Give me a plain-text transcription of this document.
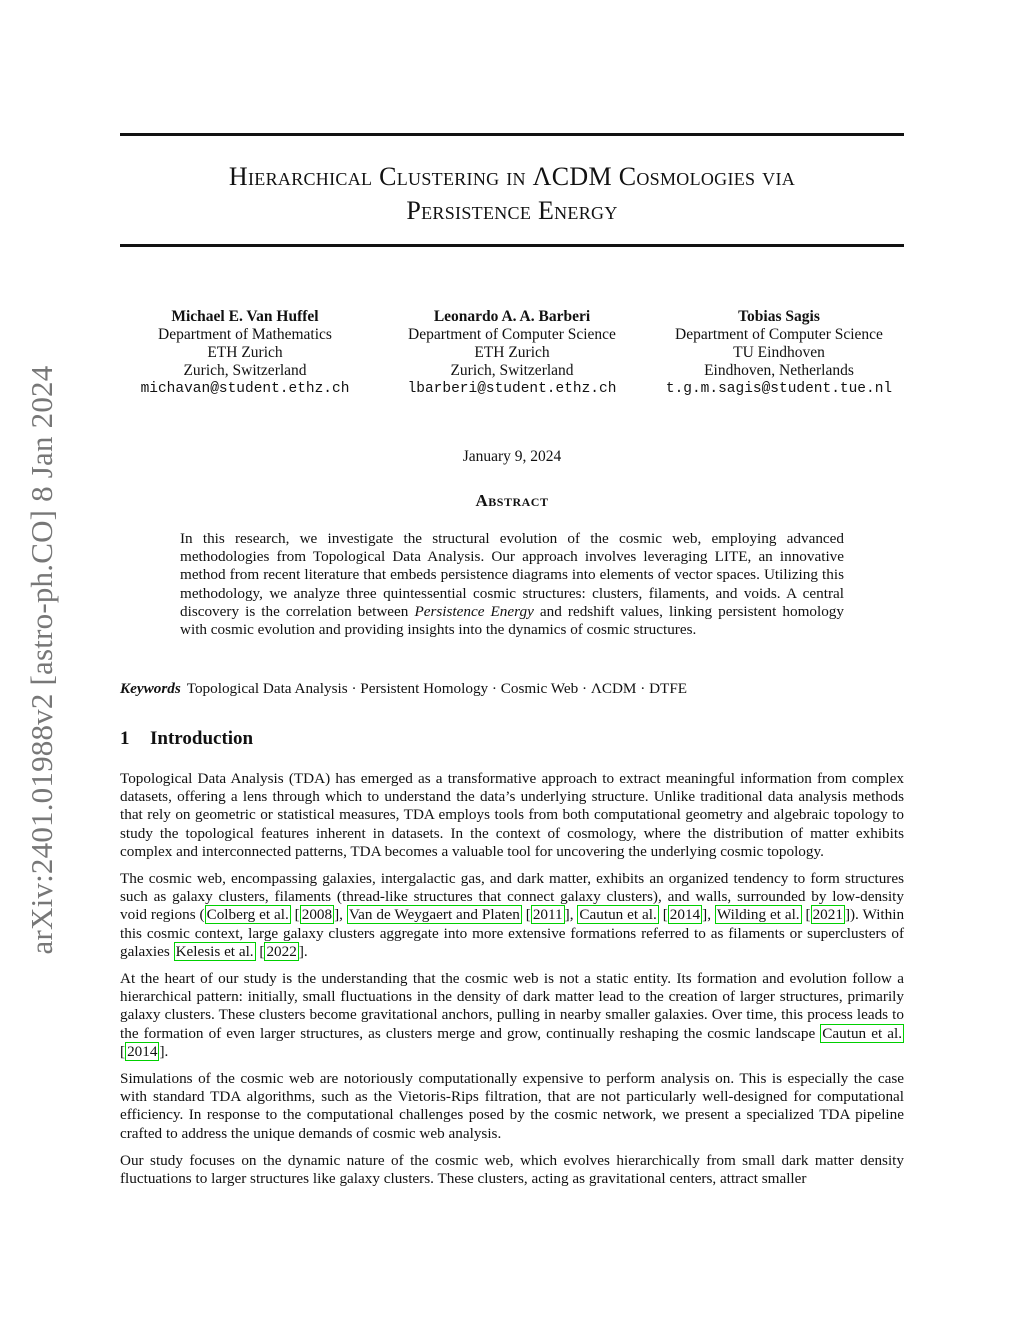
arXiv:2401.01988v2 [astro-ph.CO] 8 Jan 2024
Hierarchical Clustering in ΛCDM Cosmologies via
Persistence Energy
Michael E. Van Huffel
Department of Mathematics
ETH Zurich
Zurich, Switzerland
michavan@student.ethz.ch
Leonardo A. A. Barberi
Department of Computer Science
ETH Zurich
Zurich, Switzerland
lbarberi@student.ethz.ch
Tobias Sagis
Department of Computer Science
TU Eindhoven
Eindhoven, Netherlands
t.g.m.sagis@student.tue.nl
January 9, 2024
Abstract
In this research, we investigate the structural evolution of the cosmic web, employing advanced methodologies from Topological Data Analysis. Our approach involves leveraging LITE, an innovative method from recent literature that embeds persistence diagrams into elements of vector spaces. Utilizing this methodology, we analyze three quintessential cosmic structures: clusters, filaments, and voids. A central discovery is the correlation between Persistence Energy and redshift values, linking persistent homology with cosmic evolution and providing insights into the dynamics of cosmic structures.
Keywords Topological Data Analysis · Persistent Homology · Cosmic Web · ΛCDM · DTFE
1 Introduction

Topological Data Analysis (TDA) has emerged as a transformative approach to extract meaningful information from complex datasets, offering a lens through which to understand the data’s underlying structure. Unlike traditional data analysis methods that rely on geometric or statistical measures, TDA employs tools from both computational geometry and algebraic topology to study the topological features inherent in datasets. In the context of cosmology, where the distribution of matter exhibits complex and interconnected patterns, TDA becomes a valuable tool for uncovering the underlying cosmic topology.

The cosmic web, encompassing galaxies, intergalactic gas, and dark matter, exhibits an organized tendency to form structures such as galaxy clusters, filaments (thread-like structures that connect galaxy clusters), and walls, surrounded by low-density void regions ( Colberg et al. [ 2008 ], Van de Weygaert and Platen [ 2011 ], Cautun et al. [ 2014 ], Wilding et al. [ 2021 ]). Within this cosmic context, large galaxy clusters aggregate into more extensive formations referred to as filaments or superclusters of galaxies Kelesis et al. [ 2022 ].

At the heart of our study is the understanding that the cosmic web is not a static entity. Its formation and evolution follow a hierarchical pattern: initially, small fluctuations in the density of dark matter lead to the creation of larger structures, primarily galaxy clusters. These clusters become gravitational anchors, pulling in nearby smaller galaxies. Over time, this process leads to the formation of even larger structures, as clusters merge and grow, continually reshaping the cosmic landscape Cautun et al. [ 2014 ].

Simulations of the cosmic web are notoriously computationally expensive to perform analysis on. This is especially the case with standard TDA algorithms, such as the Vietoris-Rips filtration, that are not particularly well-designed for computational efficiency. In response to the computational challenges posed by the cosmic network, we present a specialized TDA pipeline crafted to address the unique demands of cosmic web analysis.

Our study focuses on the dynamic nature of the cosmic web, which evolves hierarchically from small dark matter density fluctuations to larger structures like galaxy clusters. These clusters, acting as gravitational centers, attract smaller
